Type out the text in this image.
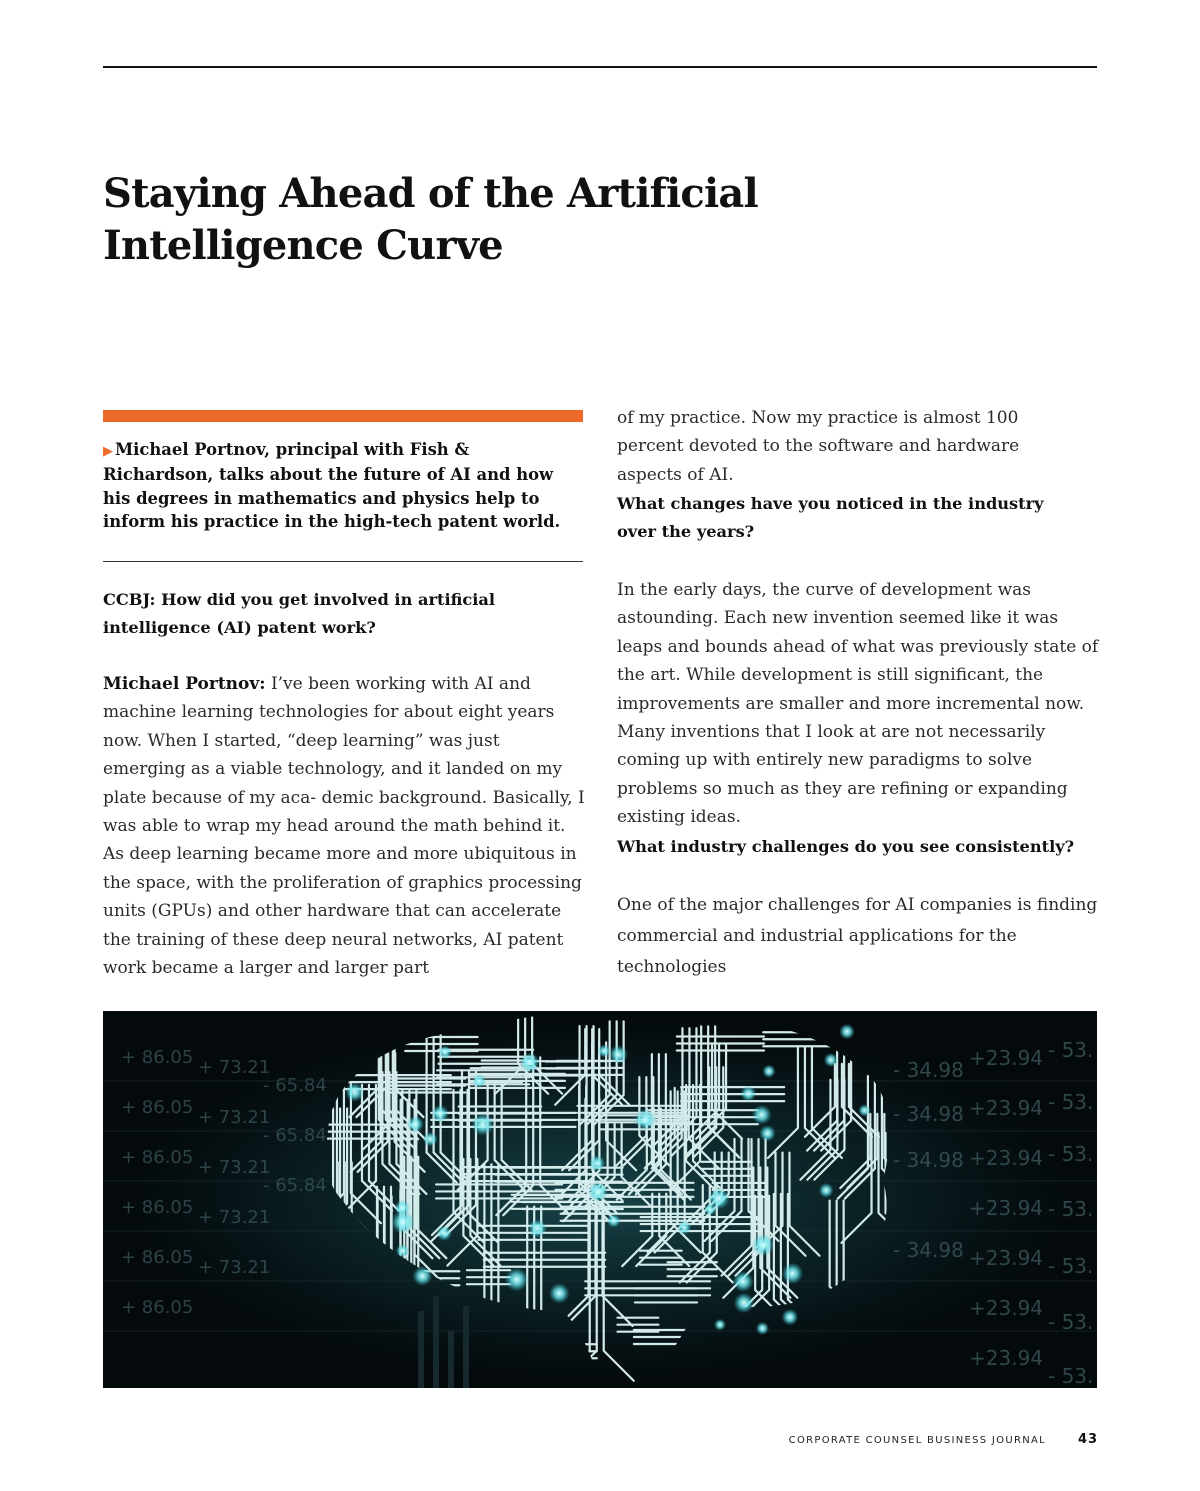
Staying Ahead of the Artificial Intelligence Curve

▶ Michael Portnov, principal with Fish & Richardson, talks about the future of AI and how his degrees in mathematics and physics help to inform his practice in the high-tech patent world.

CCBJ: How did you get involved in artificial intelligence (AI) patent work?

Michael Portnov: I’ve been working with AI and machine learning technologies for about eight years now. When I started, “deep learning” was just emerging as a viable technology, and it landed on my plate because of my aca- demic background. Basically, I was able to wrap my head around the math behind it. As deep learning became more and more ubiquitous in the space, with the proliferation of graphics processing units (GPUs) and other hardware that can accelerate the training of these deep neural networks, AI patent work became a larger and larger part

of my practice. Now my practice is almost 100 percent devoted to the software and hardware aspects of AI.

What changes have you noticed in the industry over the years?

In the early days, the curve of development was astounding. Each new invention seemed like it was leaps and bounds ahead of what was previously state of the art. While development is still significant, the improvements are smaller and more incremental now. Many inventions that I look at are not necessarily coming up with entirely new paradigms to solve problems so much as they are refining or expanding existing ideas.

What industry challenges do you see consistently?

One of the major challenges for AI companies is finding commercial and industrial applications for the technologies

+ 86.05
+ 86.05
+ 86.05
+ 86.05
+ 86.05
+ 86.05
+ 73.21
+ 73.21
+ 73.21
+ 73.21
+ 73.21
- 65.84
- 65.84
- 65.84
- 34.98
- 34.98
- 34.98
- 34.98
+23.94
+23.94
+23.94
+23.94
+23.94
+23.94
+23.94
- 53.
- 53.
- 53.
- 53.
- 53.
- 53.
- 53.
CORPORATE COUNSEL BUSINESS JOURNAL 43
